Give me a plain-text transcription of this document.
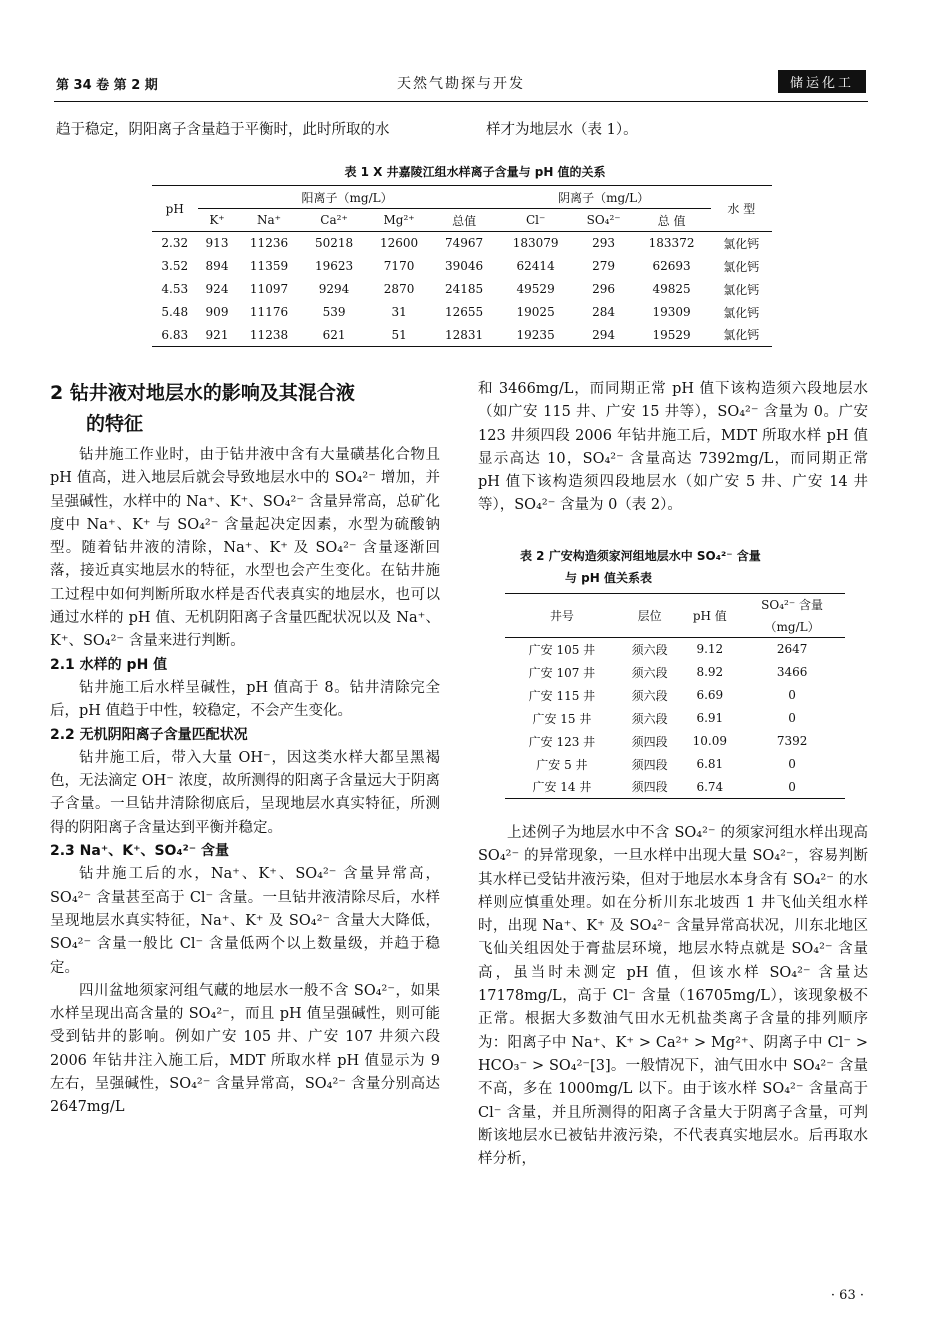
第 34 卷 第 2 期	天然气勘探与开发	储运化工
趋于稳定，阴阳离子含量趋于平衡时，此时所取的水	样才为地层水（表 1）。
表 1 X 井嘉陵江组水样离子含量与 pH 值的关系
pH	阳离子（mg/L）					阴离子（mg/L）			水 型
	K⁺	Na⁺	Ca²⁺	Mg²⁺	总值	Cl⁻	SO₄²⁻	总 值	
2.32	913	11236	50218	12600	74967	183079	293	183372	氯化钙
3.52	894	11359	19623	7170	39046	62414	279	62693	氯化钙
4.53	924	11097	9294	2870	24185	49529	296	49825	氯化钙
5.48	909	11176	539	31	12655	19025	284	19309	氯化钙
6.83	921	11238	621	51	12831	19235	294	19529	氯化钙
2 钻井液对地层水的影响及其混合液
的特征

钻井施工作业时，由于钻井液中含有大量磺基化合物且 pH 值高，进入地层后就会导致地层水中的 SO₄²⁻ 增加，并呈强碱性，水样中的 Na⁺、K⁺、SO₄²⁻ 含量异常高，总矿化度中 Na⁺、K⁺ 与 SO₄²⁻ 含量起决定因素，水型为硫酸钠型。随着钻井液的清除，Na⁺、K⁺ 及 SO₄²⁻ 含量逐渐回落，接近真实地层水的特征，水型也会产生变化。在钻井施工过程中如何判断所取水样是否代表真实的地层水，也可以通过水样的 pH 值、无机阴阳离子含量匹配状况以及 Na⁺、K⁺、SO₄²⁻ 含量来进行判断。

2.1 水样的 pH 值

钻井施工后水样呈碱性，pH 值高于 8。钻井清除完全后，pH 值趋于中性，较稳定，不会产生变化。

2.2 无机阴阳离子含量匹配状况

钻井施工后，带入大量 OH⁻，因这类水样大都呈黑褐色，无法滴定 OH⁻ 浓度，故所测得的阳离子含量远大于阴离子含量。一旦钻井清除彻底后，呈现地层水真实特征，所测得的阴阳离子含量达到平衡并稳定。

2.3 Na⁺、K⁺、SO₄²⁻ 含量

钻井施工后的水，Na⁺、K⁺、SO₄²⁻ 含量异常高，SO₄²⁻ 含量甚至高于 Cl⁻ 含量。一旦钻井液清除尽后，水样呈现地层水真实特征，Na⁺、K⁺ 及 SO₄²⁻ 含量大大降低，SO₄²⁻ 含量一般比 Cl⁻ 含量低两个以上数量级，并趋于稳定。

四川盆地须家河组气藏的地层水一般不含 SO₄²⁻，如果水样呈现出高含量的 SO₄²⁻，而且 pH 值呈强碱性，则可能受到钻井的影响。例如广安 105 井、广安 107 井须六段 2006 年钻井注入施工后，MDT 所取水样 pH 值显示为 9 左右，呈强碱性，SO₄²⁻ 含量异常高，SO₄²⁻ 含量分别高达 2647mg/L

和 3466mg/L，而同期正常 pH 值下该构造须六段地层水（如广安 115 井、广安 15 井等），SO₄²⁻ 含量为 0。广安 123 井须四段 2006 年钻井施工后，MDT 所取水样 pH 值显示高达 10，SO₄²⁻ 含量高达 7392mg/L，而同期正常 pH 值下该构造须四段地层水（如广安 5 井、广安 14 井等），SO₄²⁻ 含量为 0（表 2）。

表 2 广安构造须家河组地层水中 SO₄²⁻ 含量
与 pH 值关系表
井号	层位	pH 值	SO₄²⁻ 含量
			（mg/L）
广安 105 井	须六段	9.12	2647
广安 107 井	须六段	8.92	3466
广安 115 井	须六段	6.69	0
广安 15 井	须六段	6.91	0
广安 123 井	须四段	10.09	7392
广安 5 井	须四段	6.81	0
广安 14 井	须四段	6.74	0

上述例子为地层水中不含 SO₄²⁻ 的须家河组水样出现高 SO₄²⁻ 的异常现象，一旦水样中出现大量 SO₄²⁻，容易判断其水样已受钻井液污染，但对于地层水本身含有 SO₄²⁻ 的水样则应慎重处理。如在分析川东北坡西 1 井飞仙关组水样时，出现 Na⁺、K⁺ 及 SO₄²⁻ 含量异常高状况，川东北地区飞仙关组因处于膏盐层环境，地层水特点就是 SO₄²⁻ 含量高，虽当时未测定 pH 值，但该水样 SO₄²⁻ 含量达 17178mg/L，高于 Cl⁻ 含量（16705mg/L），该现象极不正常。根据大多数油气田水无机盐类离子含量的排列顺序为：阳离子中 Na⁺、K⁺ > Ca²⁺ > Mg²⁺、阴离子中 Cl⁻ > HCO₃⁻ > SO₄²⁻[3]。一般情况下，油气田水中 SO₄²⁻ 含量不高，多在 1000mg/L 以下。由于该水样 SO₄²⁻ 含量高于 Cl⁻ 含量，并且所测得的阳离子含量大于阴离子含量，可判断该地层水已被钻井液污染，不代表真实地层水。后再取水样分析，

· 63 ·
